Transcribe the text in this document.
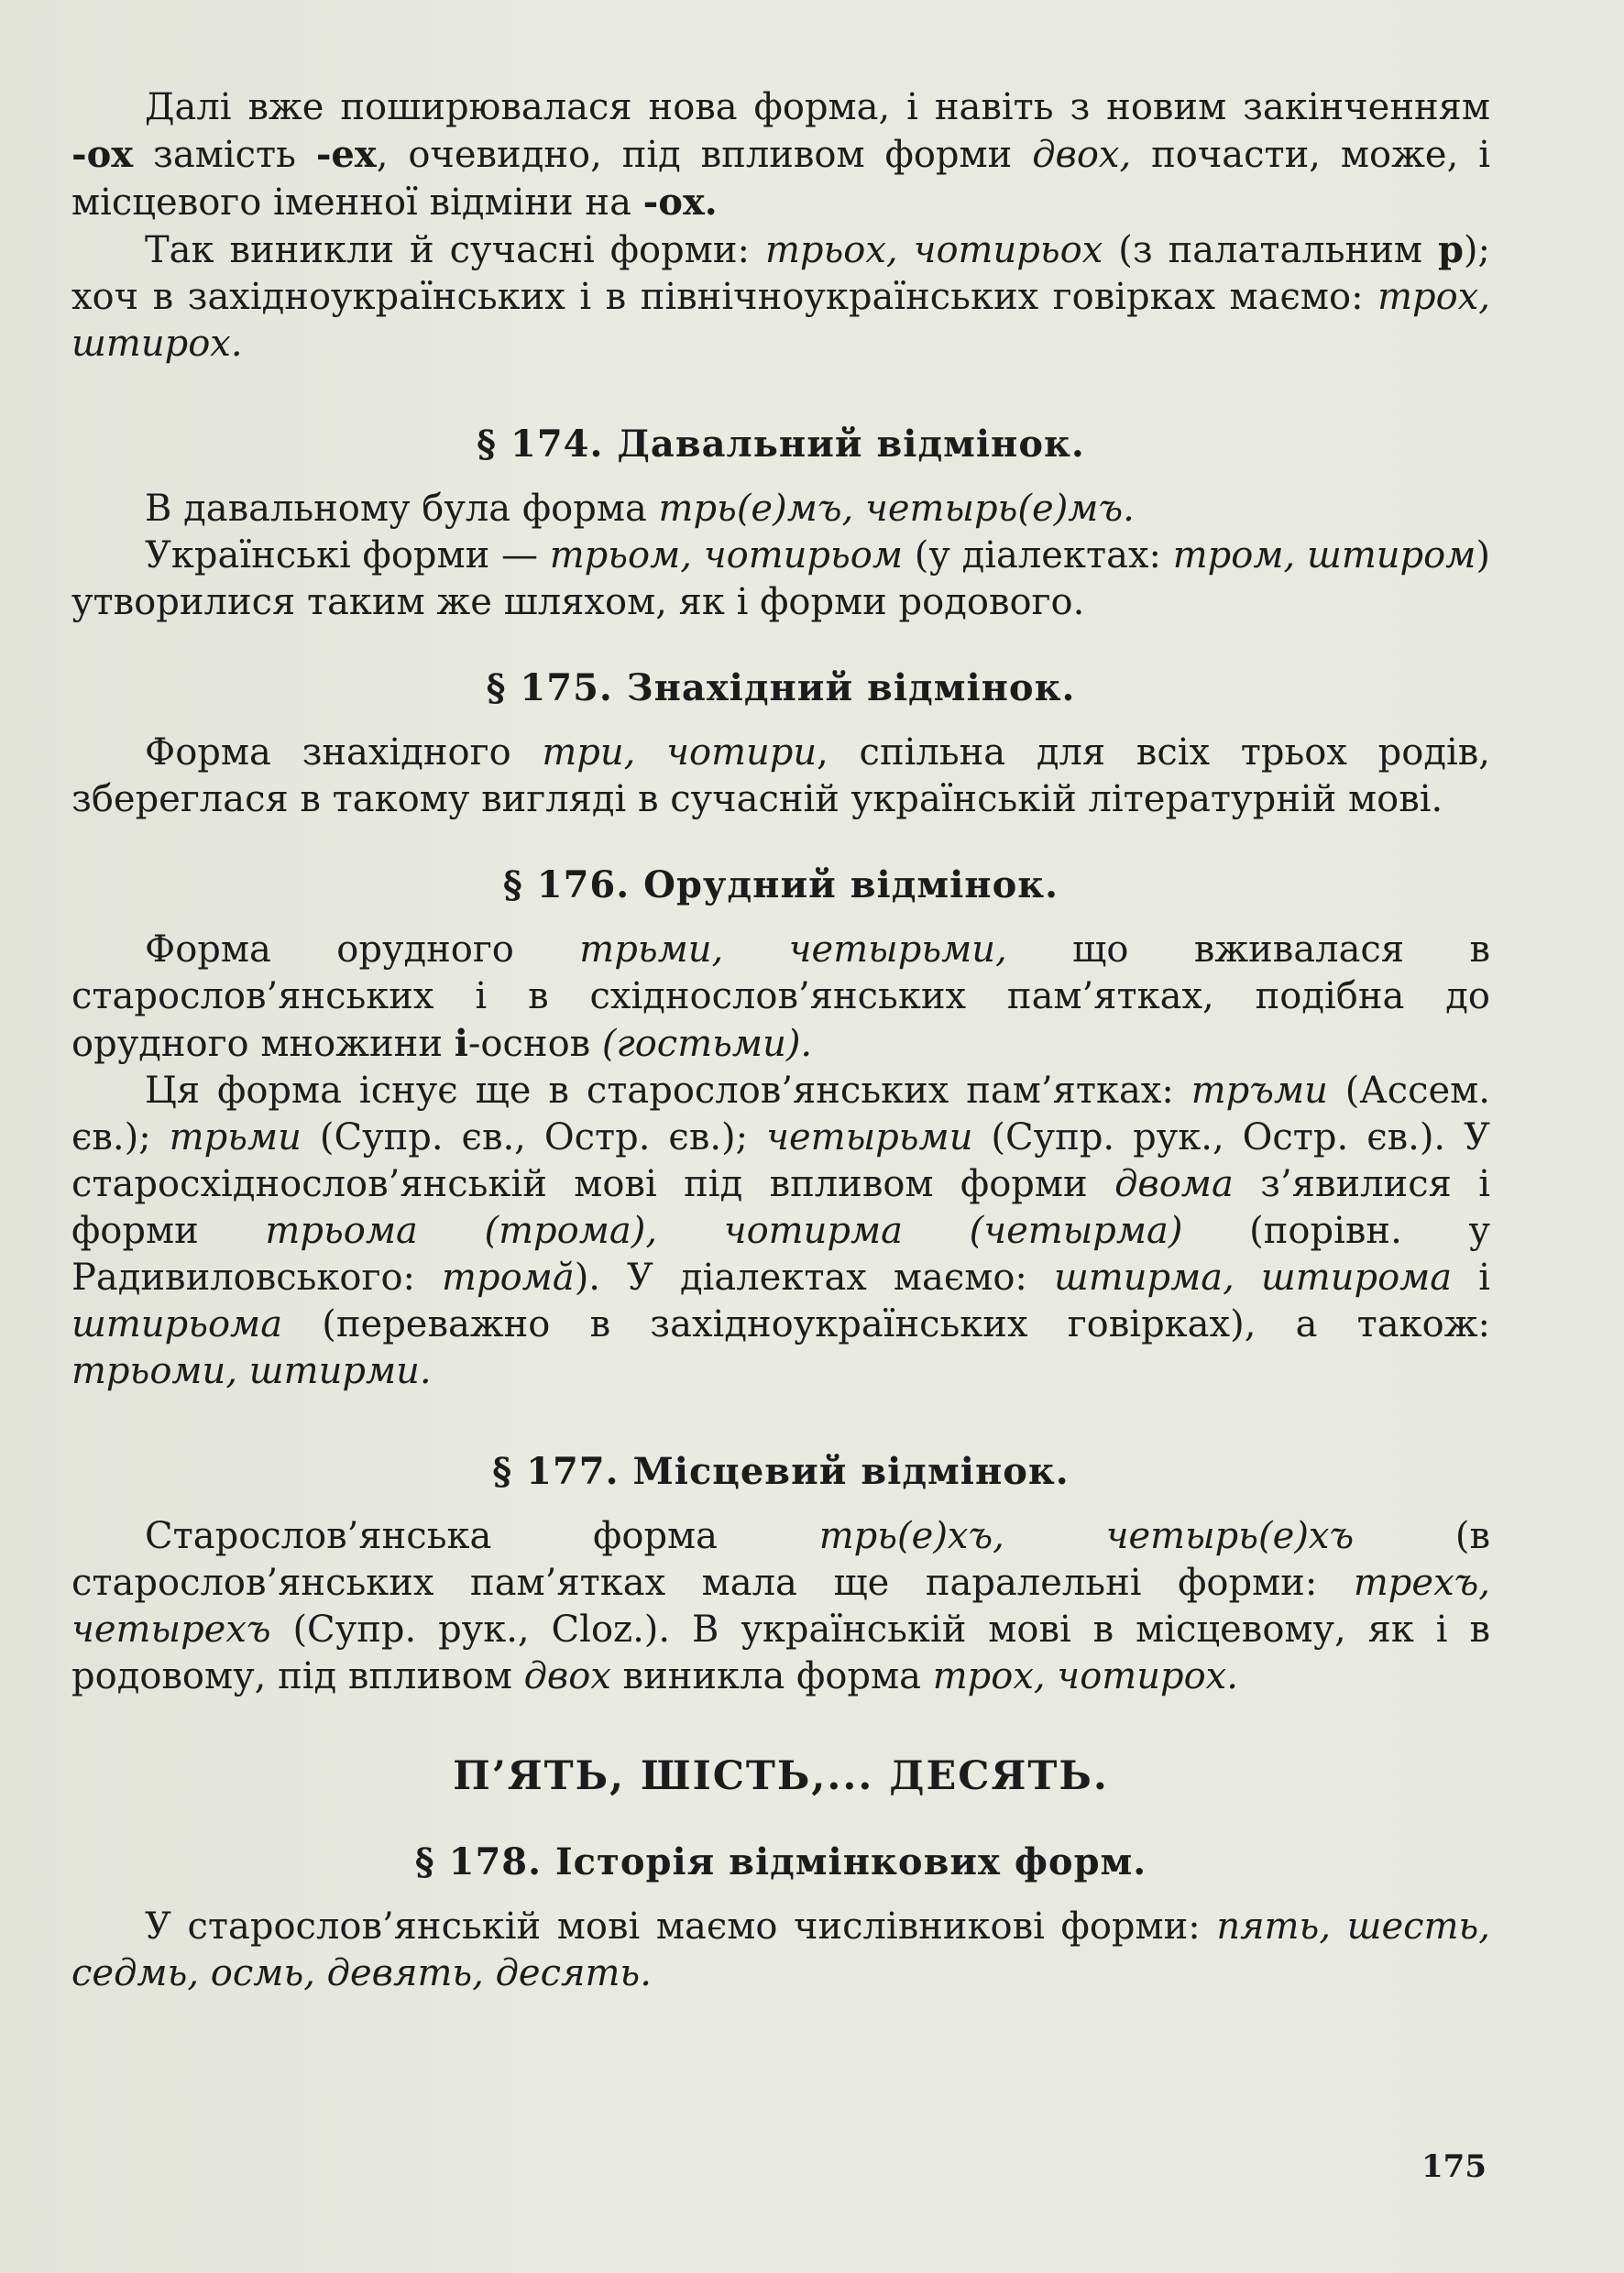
Далі вже поширювалася нова форма, і навіть з новим закінченням -ох замість -ех, очевидно, під впливом форми двох, почасти, може, і місцевого іменної відміни на -ох.

Так виникли й сучасні форми: трьох, чотирьох (з палатальним р); хоч в західноукраїнських і в північноукраїнських говірках маємо: трох, штирох.

§ 174. Давальний відмінок.

В давальному була форма трь(е)мъ, четырь(е)мъ.

Українські форми — трьом, чотирьом (у діалектах: тром, штиром) утворилися таким же шляхом, як і форми родового.

§ 175. Знахідний відмінок.

Форма знахідного три, чотири, спільна для всіх трьох родів, збереглася в такому вигляді в сучасній українській літературній мові.

§ 176. Орудний відмінок.

Форма орудного трьми, четырьми, що вживалася в старослов’янських і в східнослов’янських пам’ятках, подібна до орудного множини і-основ (гостьми).

Ця форма існує ще в старослов’янських пам’ятках: тръми (Ассем. єв.); трьми (Супр. єв., Остр. єв.); четырьми (Супр. рук., Остр. єв.). У старосхіднослов’янській мові під впливом форми двома з’явилися і форми трьома (трома), чотирма (четырма) (порівн. у Радивиловського: тромă). У діалектах маємо: штирма, штирома і штирьома (переважно в західноукраїнських говірках), а також: трьоми, штирми.

§ 177. Місцевий відмінок.

Старослов’янська форма трь(е)хъ, четырь(е)хъ (в старослов’янських пам’ятках мала ще паралельні форми: трехъ, четырехъ (Супр. рук., Cloz.). В українській мові в місцевому, як і в родовому, під впливом двох виникла форма трох, чотирох.

П’ЯТЬ, ШІСТЬ,... ДЕСЯТЬ.
§ 178. Історія відмінкових форм.

У старослов’янській мові маємо числівникові форми: пять, шесть, седмь, осмь, девять, десять.

175
